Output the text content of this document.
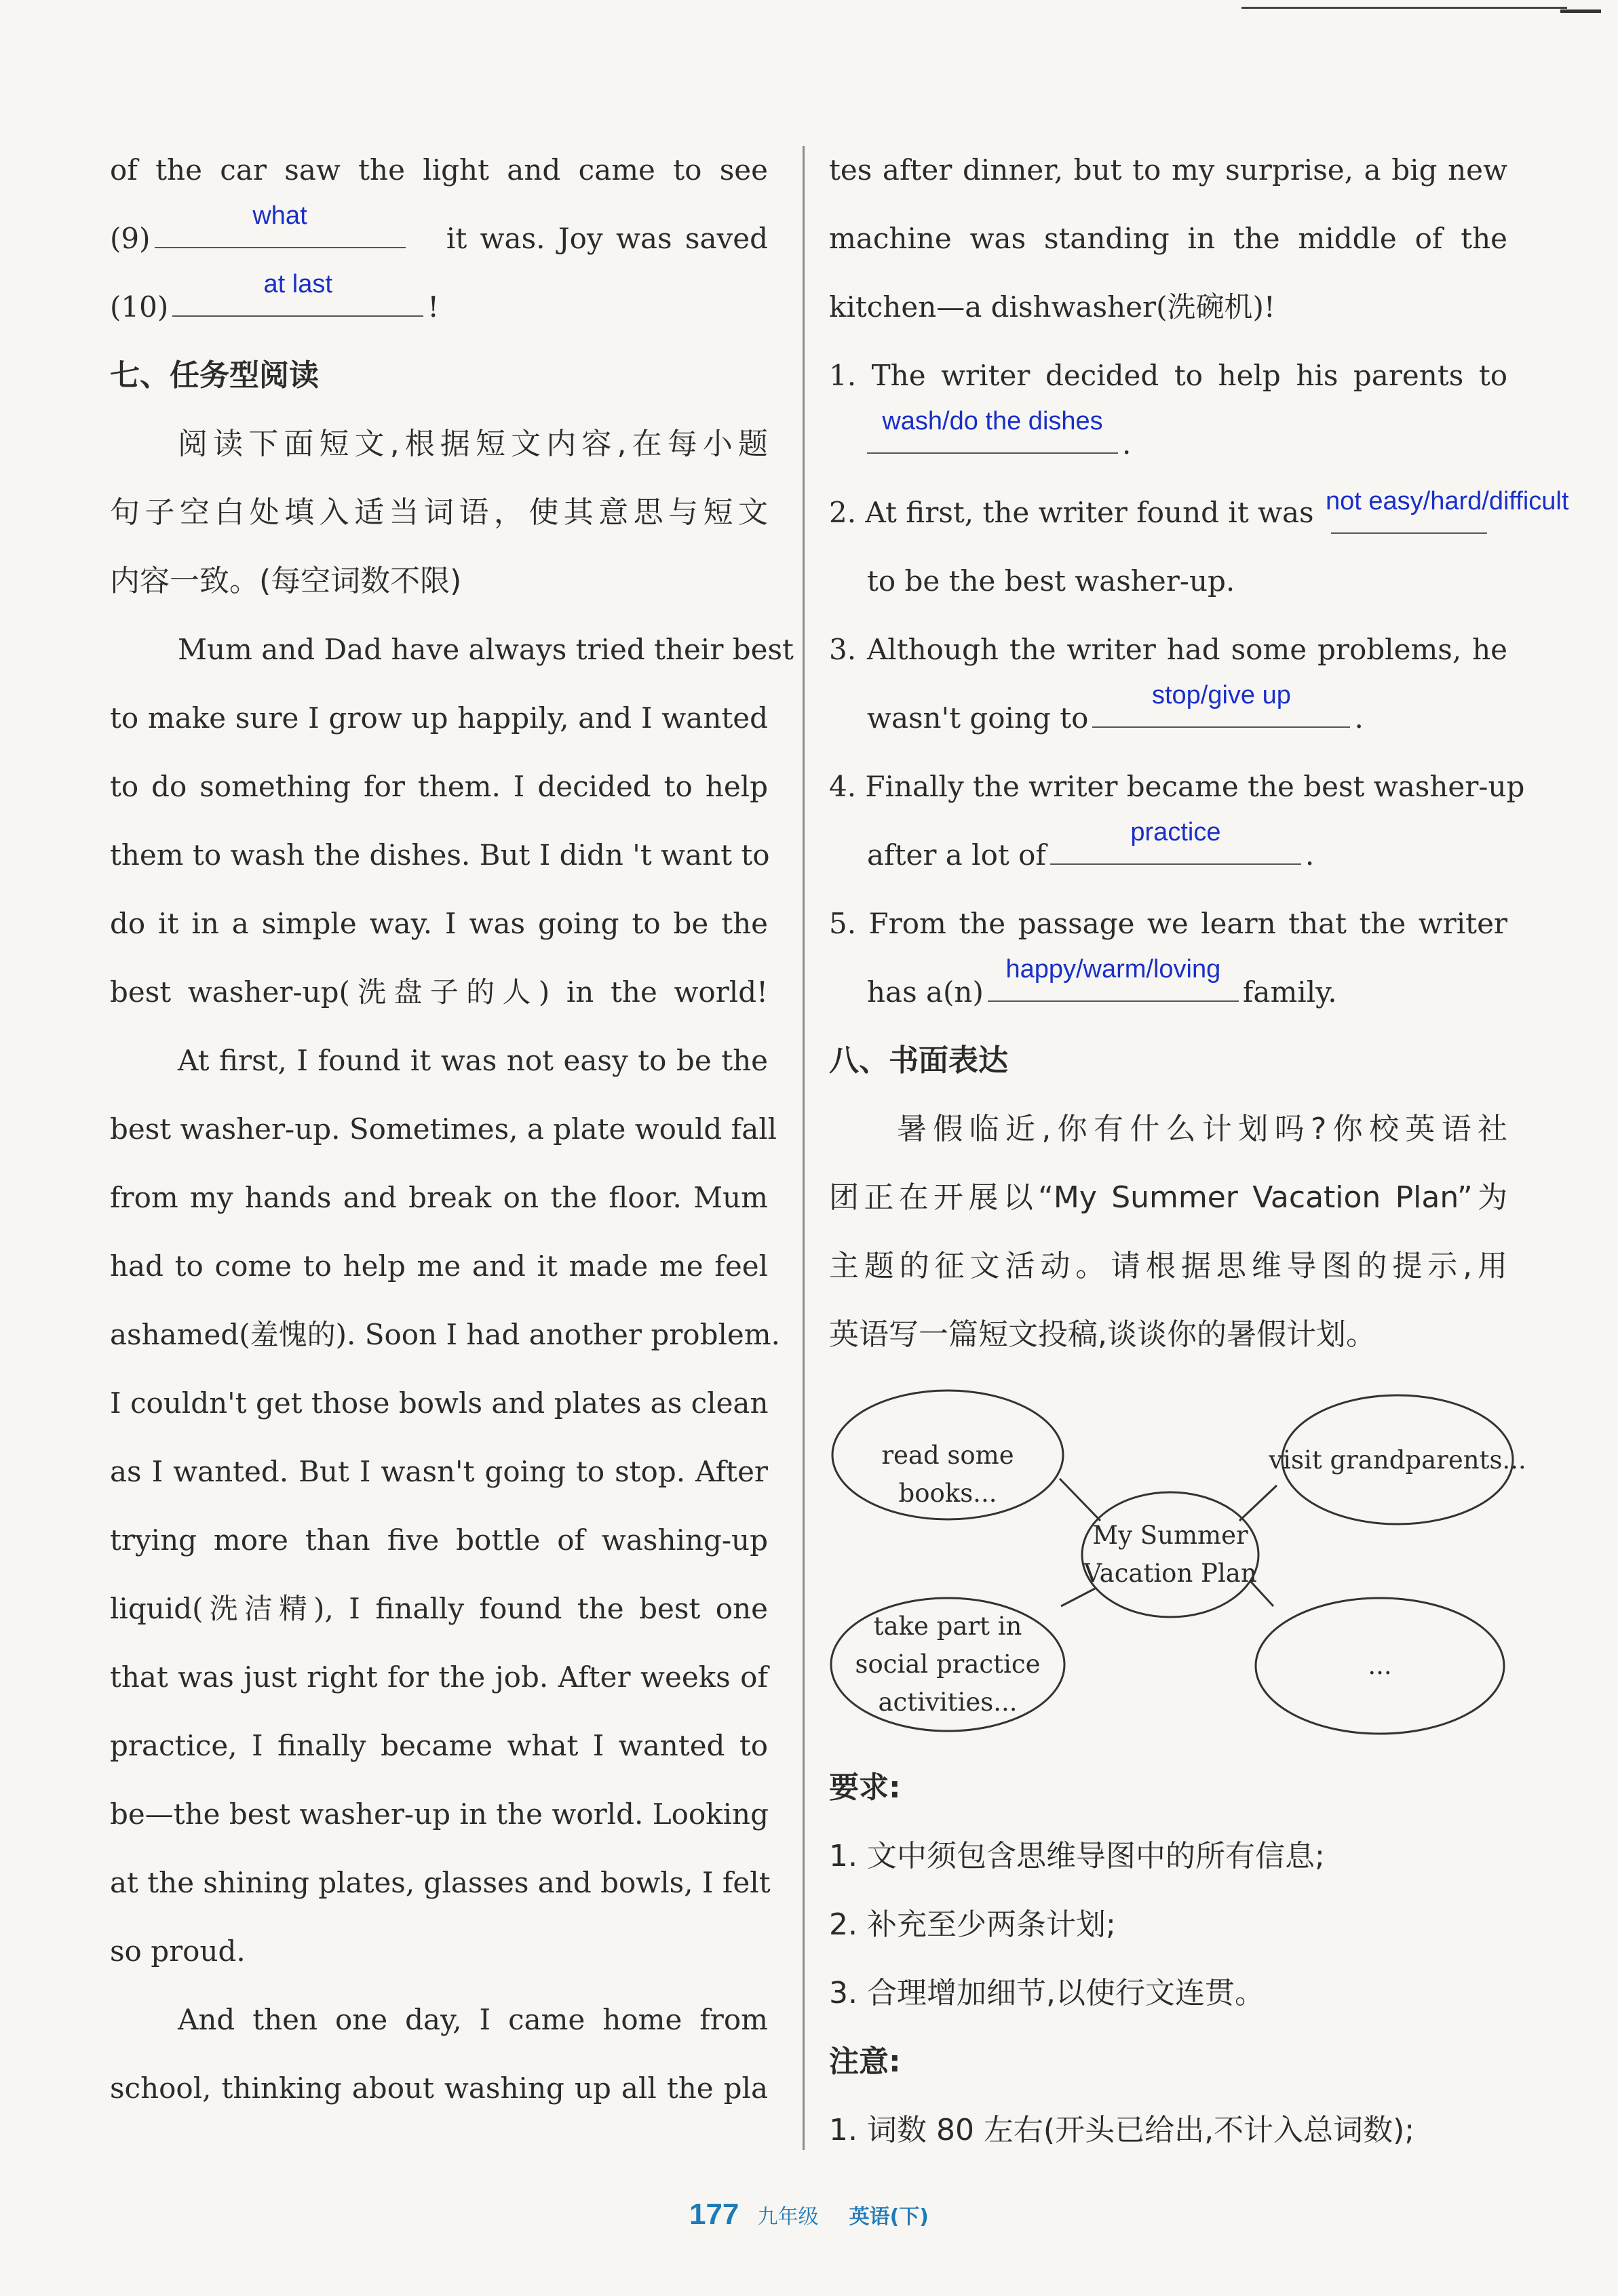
of the car saw the light and came to see
(9)
what
it was. Joy was saved
(10)
at last
!
七、任务型阅读
阅读下面短文,根据短文内容,在每小题
句子空白处填入适当词语，使其意思与短文
内容一致。(每空词数不限)
Mum and Dad have always tried their best
to make sure I grow up happily, and I wanted
to do something for them. I decided to help
them to wash the dishes. But I didn 't want to
do it in a simple way. I was going to be the
best washer-up(洗盘子的人) in the world!
At first, I found it was not easy to be the
best washer-up. Sometimes, a plate would fall
from my hands and break on the floor. Mum
had to come to help me and it made me feel
ashamed(羞愧的). Soon I had another problem.
I couldn't get those bowls and plates as clean
as I wanted. But I wasn't going to stop. After
trying more than five bottle of washing-up
liquid(洗洁精), I finally found the best one
that was just right for the job. After weeks of
practice, I finally became what I wanted to
be—the best washer-up in the world. Looking
at the shining plates, glasses and bowls, I felt
so proud.
And then one day, I came home from
school, thinking about washing up all the pla
tes after dinner, but to my surprise, a big new
machine was standing in the middle of the
kitchen—a dishwasher(洗碗机)!
1. The writer decided to help his parents to
wash/do the dishes
.
2. At first, the writer found it was not easy/hard/difficult
to be the best washer-up.
3. Although the writer had some problems, he
wasn't going to
stop/give up
.
4. Finally the writer became the best washer-up
after a lot of
practice
.
5. From the passage we learn that the writer
has a(n)
happy/warm/loving
family.
八、书面表达
暑假临近,你有什么计划吗?你校英语社
团正在开展以“My Summer Vacation Plan”为
主题的征文活动。请根据思维导图的提示,用
英语写一篇短文投稿,谈谈你的暑假计划。
read some books...
visit grandparents...
My Summer
Vacation Plan
take part in
social practice
activities...
...
要求:
1. 文中须包含思维导图中的所有信息;
2. 补充至少两条计划;
3. 合理增加细节,以使行文连贯。
注意:
1. 词数 80 左右(开头已给出,不计入总词数);
177 九年级 英语(下)
